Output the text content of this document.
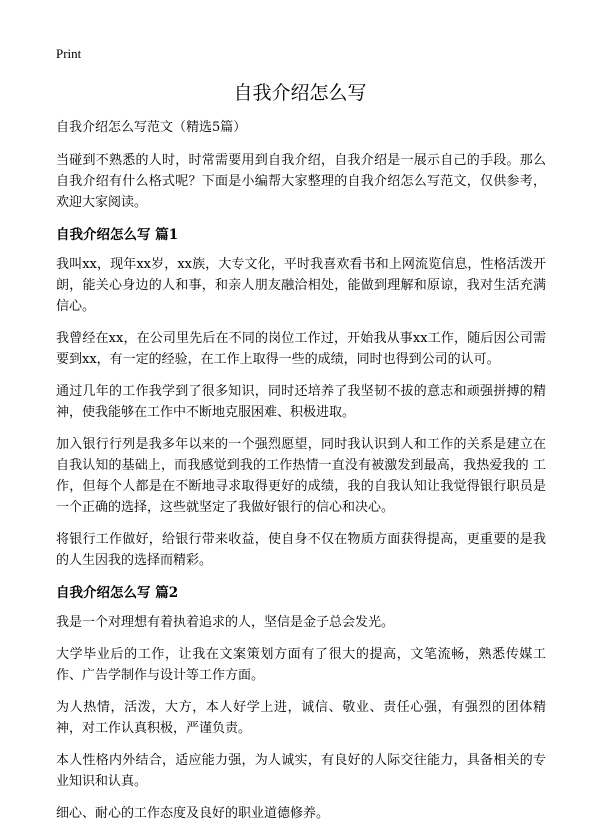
Print
自我介绍怎么写

自我介绍怎么写范文（精选5篇）

当碰到不熟悉的人时，时常需要用到自我介绍，自我介绍是一展示自己的手段。那么自我介绍有什么格式呢？下面是小编帮大家整理的自我介绍怎么写范文，仅供参考，欢迎大家阅读。

自我介绍怎么写 篇1

我叫xx，现年xx岁，xx族，大专文化，平时我喜欢看书和上网流览信息，性格活泼开朗，能关心身边的人和事，和亲人朋友融洽相处，能做到理解和原谅，我对生活充满信心。

我曾经在xx，在公司里先后在不同的岗位工作过，开始我从事xx工作，随后因公司需要到xx，有一定的经验，在工作上取得一些的成绩，同时也得到公司的认可。

通过几年的工作我学到了很多知识，同时还培养了我坚韧不拔的意志和顽强拼搏的精神，使我能够在工作中不断地克服困难、积极进取。

加入银行行列是我多年以来的一个强烈愿望，同时我认识到人和工作的关系是建立在自我认知的基础上，而我感觉到我的工作热情一直没有被激发到最高，我热爱我的 工作，但每个人都是在不断地寻求取得更好的成绩，我的自我认知让我觉得银行职员是一个正确的选择，这些就坚定了我做好银行的信心和决心。

将银行工作做好，给银行带来收益，使自身不仅在物质方面获得提高，更重要的是我的人生因我的选择而精彩。

自我介绍怎么写 篇2

我是一个对理想有着执着追求的人，坚信是金子总会发光。

大学毕业后的工作，让我在文案策划方面有了很大的提高，文笔流畅，熟悉传媒工作、广告学制作与设计等工作方面。

为人热情，活泼，大方，本人好学上进，诚信、敬业、责任心强，有强烈的团体精神，对工作认真积极，严谨负责。

本人性格内外结合，适应能力强，为人诚实，有良好的人际交往能力，具备相关的专业知识和认真。

细心、耐心的工作态度及良好的职业道德修养。
